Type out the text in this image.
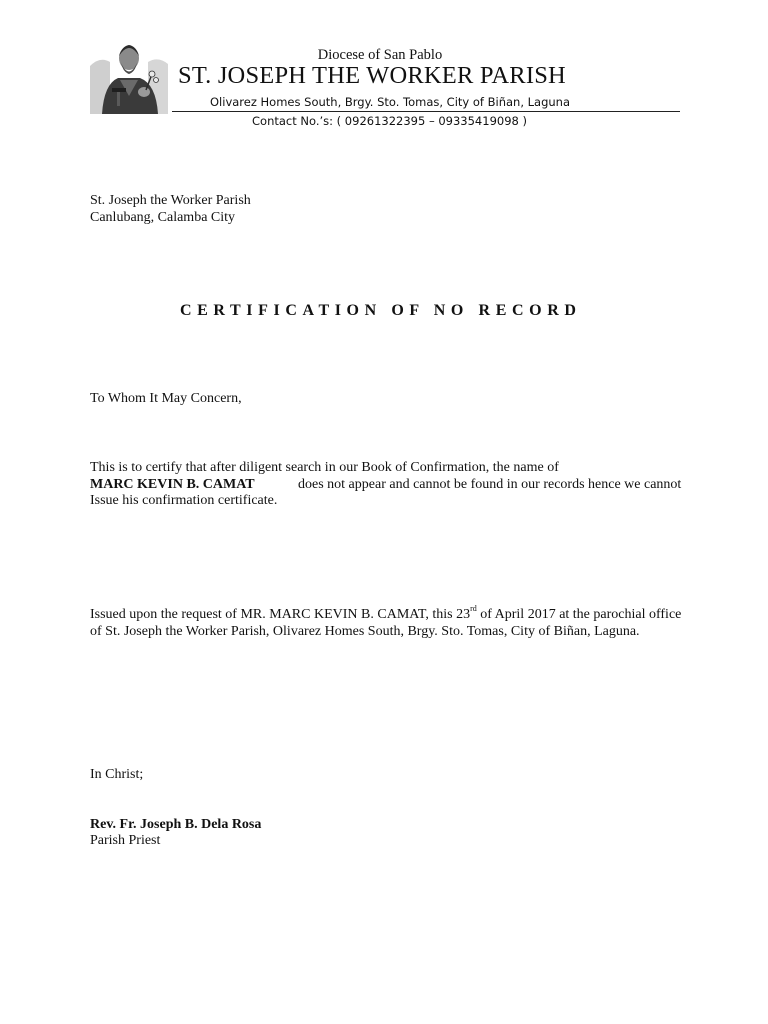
Diocese of San Pablo
ST. JOSEPH THE WORKER PARISH
Olivarez Homes South, Brgy. Sto. Tomas, City of Biñan, Laguna
Contact No.’s: ( 09261322395 – 09335419098 )
St. Joseph the Worker Parish
Canlubang, Calamba City
CERTIFICATION OF NO RECORD
To Whom It May Concern,
This is to certify that after diligent search in our Book of Confirmation, the name of
MARC KEVIN B. CAMAT	does not appear and cannot be found in our records hence we cannot
Issue his confirmation certificate.
Issued upon the request of MR. MARC KEVIN B. CAMAT, this 23rd of April 2017 at the parochial office
of St. Joseph the Worker Parish, Olivarez Homes South, Brgy. Sto. Tomas, City of Biñan, Laguna.
In Christ;
Rev. Fr. Joseph B. Dela Rosa
Parish Priest
